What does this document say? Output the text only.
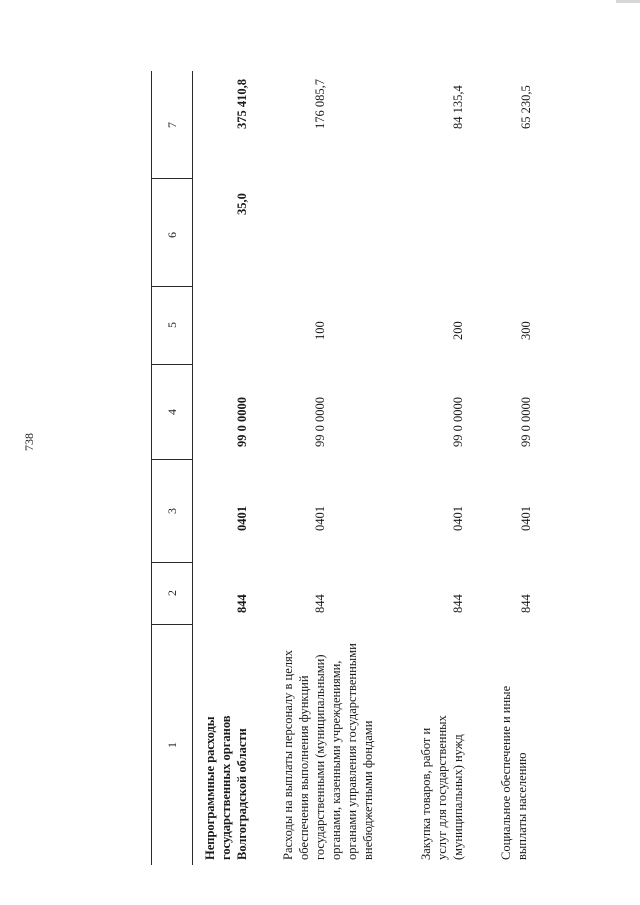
738
1
2
3
4
5
6
7
Непрограммные расходы государственных органов Волгоградской области
844
0401
99 0 0000
35,0
375 410,8
Расходы на выплаты персоналу в целях обеспечения выполнения функций государственными (муниципальными) органами, казенными учреждениями, органами управления государственными внебюджетными фондами
844
0401
99 0 0000
100
176 085,7
Закупка товаров, работ и услуг для государственных (муниципальных) нужд
844
0401
99 0 0000
200
84 135,4
Социальное обеспечение и иные выплаты населению
844
0401
99 0 0000
300
65 230,5
